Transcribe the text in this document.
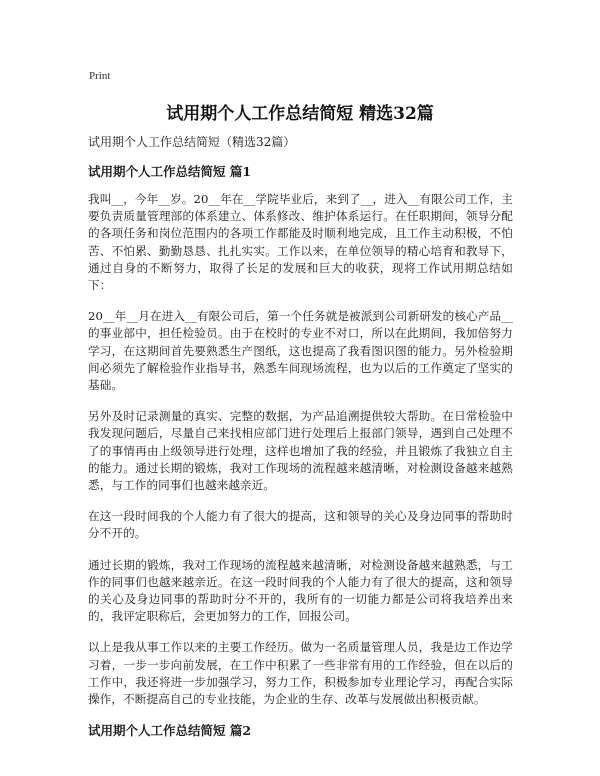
Print
试用期个人工作总结简短 精选32篇
试用期个人工作总结简短（精选32篇）
试用期个人工作总结简短 篇1

我叫__，今年__岁。20__年在__学院毕业后，来到了__，进入__有限公司工作，主要负责质量管理部的体系建立、体系修改、维护体系运行。在任职期间，领导分配的各项任务和岗位范围内的各项工作都能及时顺利地完成，且工作主动积极，不怕苦、不怕累、勤勤恳恳、扎扎实实。工作以来，在单位领导的精心培育和教导下，通过自身的不断努力，取得了长足的发展和巨大的收获，现将工作试用期总结如下：

20__年__月在进入__有限公司后，第一个任务就是被派到公司新研发的核心产品__的事业部中，担任检验员。由于在校时的专业不对口，所以在此期间，我加倍努力学习，在这期间首先要熟悉生产图纸，这也提高了我看图识图的能力。另外检验期间必须先了解检验作业指导书，熟悉车间现场流程，也为以后的工作奠定了坚实的基础。

另外及时记录测量的真实、完整的数据，为产品追溯提供较大帮助。在日常检验中我发现问题后，尽量自己来找相应部门进行处理后上报部门领导，遇到自己处理不了的事情再由上级领导进行处理，这样也增加了我的经验，并且锻炼了我独立自主的能力。通过长期的锻炼，我对工作现场的流程越来越清晰，对检测设备越来越熟悉，与工作的同事们也越来越亲近。

在这一段时间我的个人能力有了很大的提高，这和领导的关心及身边同事的帮助时分不开的。

通过长期的锻炼，我对工作现场的流程越来越清晰，对检测设备越来越熟悉，与工作的同事们也越来越亲近。在这一段时间我的个人能力有了很大的提高，这和领导的关心及身边同事的帮助时分不开的，我所有的一切能力都是公司将我培养出来的，我评定职称后，会更加努力的工作，回报公司。

以上是我从事工作以来的主要工作经历。做为一名质量管理人员，我是边工作边学习着，一步一步向前发展，在工作中积累了一些非常有用的工作经验，但在以后的工作中，我还将进一步加强学习，努力工作，积极参加专业理论学习，再配合实际操作，不断提高自己的专业技能，为企业的生存、改革与发展做出积极贡献。

试用期个人工作总结简短 篇2
